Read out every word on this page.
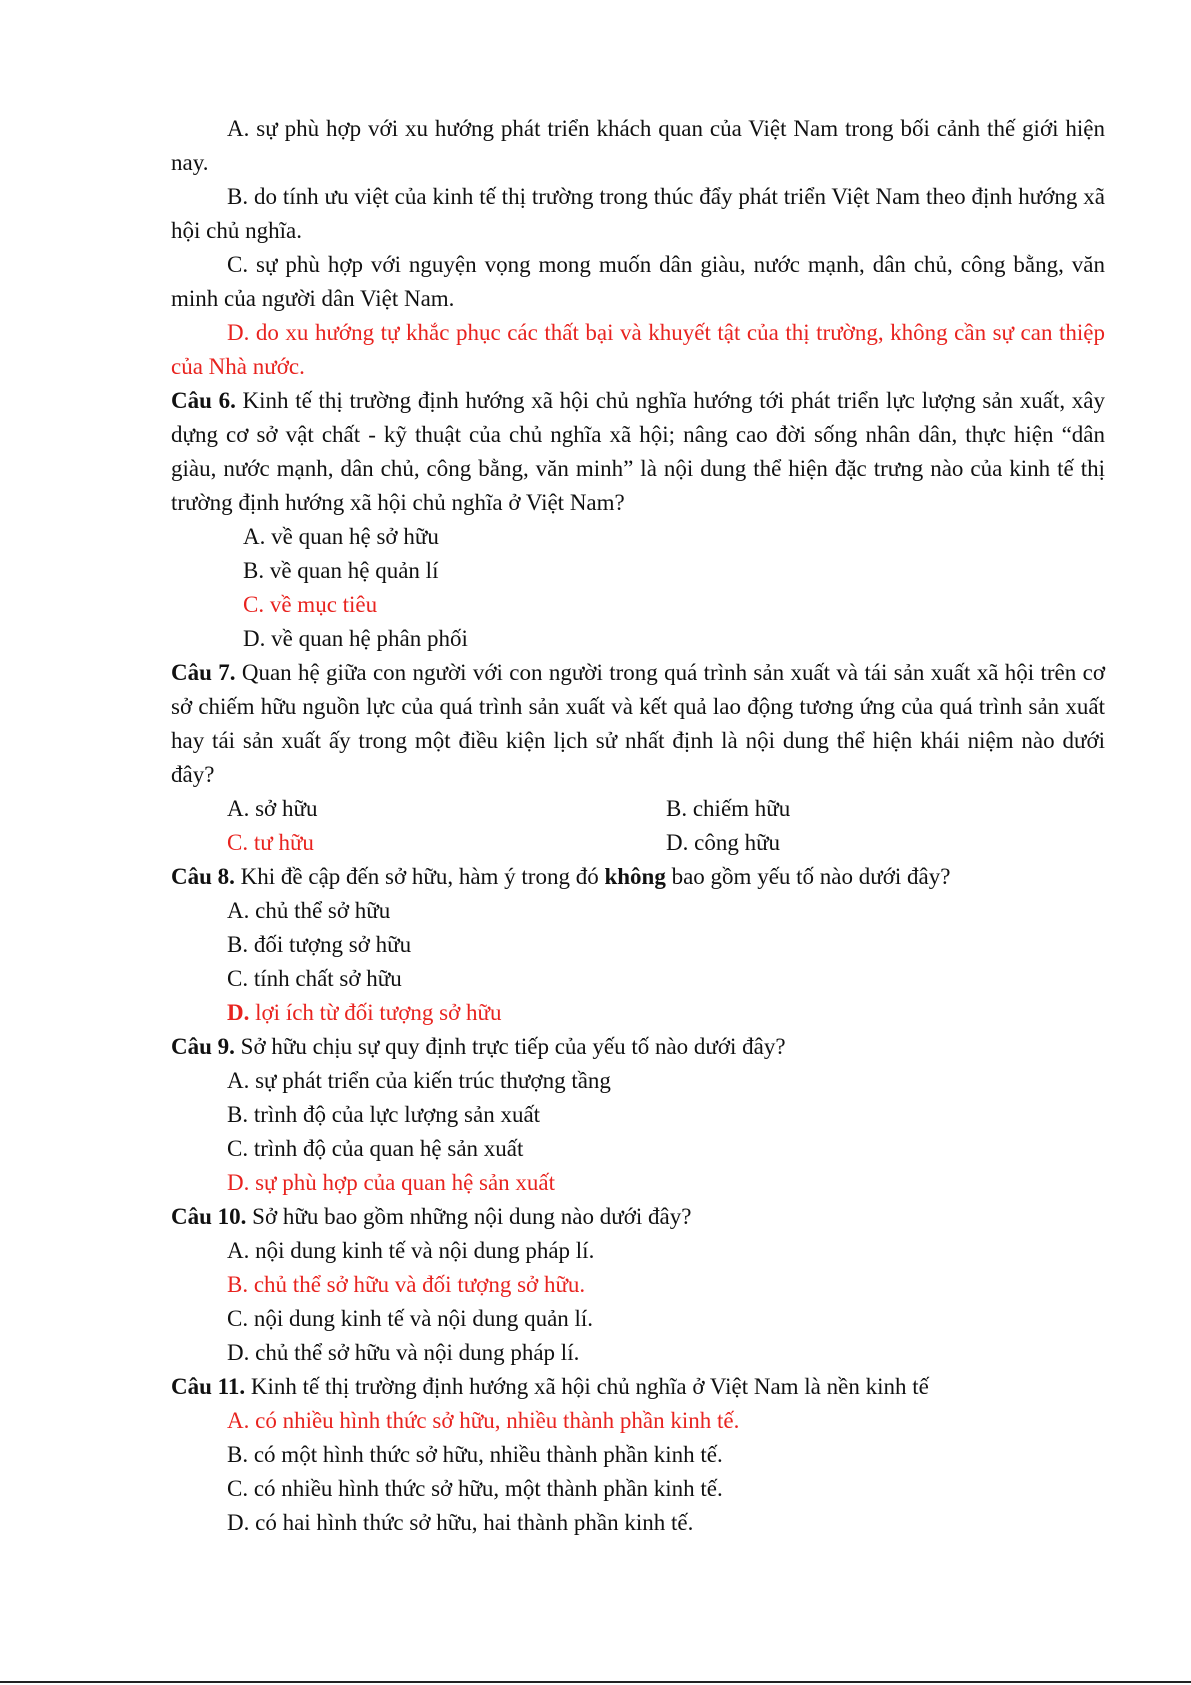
A. sự phù hợp với xu hướng phát triển khách quan của Việt Nam trong bối cảnh thế giới hiện nay.

B. do tính ưu việt của kinh tế thị trường trong thúc đẩy phát triển Việt Nam theo định hướng xã hội chủ nghĩa.

C. sự phù hợp với nguyện vọng mong muốn dân giàu, nước mạnh, dân chủ, công bằng, văn minh của người dân Việt Nam.

D. do xu hướng tự khắc phục các thất bại và khuyết tật của thị trường, không cần sự can thiệp của Nhà nước.

Câu 6. Kinh tế thị trường định hướng xã hội chủ nghĩa hướng tới phát triển lực lượng sản xuất, xây dựng cơ sở vật chất - kỹ thuật của chủ nghĩa xã hội; nâng cao đời sống nhân dân, thực hiện “dân giàu, nước mạnh, dân chủ, công bằng, văn minh” là nội dung thể hiện đặc trưng nào của kinh tế thị trường định hướng xã hội chủ nghĩa ở Việt Nam?

A. về quan hệ sở hữu

B. về quan hệ quản lí

C. về mục tiêu

D. về quan hệ phân phối

Câu 7. Quan hệ giữa con người với con người trong quá trình sản xuất và tái sản xuất xã hội trên cơ sở chiếm hữu nguồn lực của quá trình sản xuất và kết quả lao động tương ứng của quá trình sản xuất hay tái sản xuất ấy trong một điều kiện lịch sử nhất định là nội dung thể hiện khái niệm nào dưới đây?

A. sở hữu	B. chiếm hữu
C. tư hữu	D. công hữu

Câu 8. Khi đề cập đến sở hữu, hàm ý trong đó không bao gồm yếu tố nào dưới đây?

A. chủ thể sở hữu

B. đối tượng sở hữu

C. tính chất sở hữu

D. lợi ích từ đối tượng sở hữu

Câu 9. Sở hữu chịu sự quy định trực tiếp của yếu tố nào dưới đây?

A. sự phát triển của kiến trúc thượng tầng

B. trình độ của lực lượng sản xuất

C. trình độ của quan hệ sản xuất

D. sự phù hợp của quan hệ sản xuất

Câu 10. Sở hữu bao gồm những nội dung nào dưới đây?

A. nội dung kinh tế và nội dung pháp lí.

B. chủ thể sở hữu và đối tượng sở hữu.

C. nội dung kinh tế và nội dung quản lí.

D. chủ thể sở hữu và nội dung pháp lí.

Câu 11. Kinh tế thị trường định hướng xã hội chủ nghĩa ở Việt Nam là nền kinh tế

A. có nhiều hình thức sở hữu, nhiều thành phần kinh tế.

B. có một hình thức sở hữu, nhiều thành phần kinh tế.

C. có nhiều hình thức sở hữu, một thành phần kinh tế.

D. có hai hình thức sở hữu, hai thành phần kinh tế.
